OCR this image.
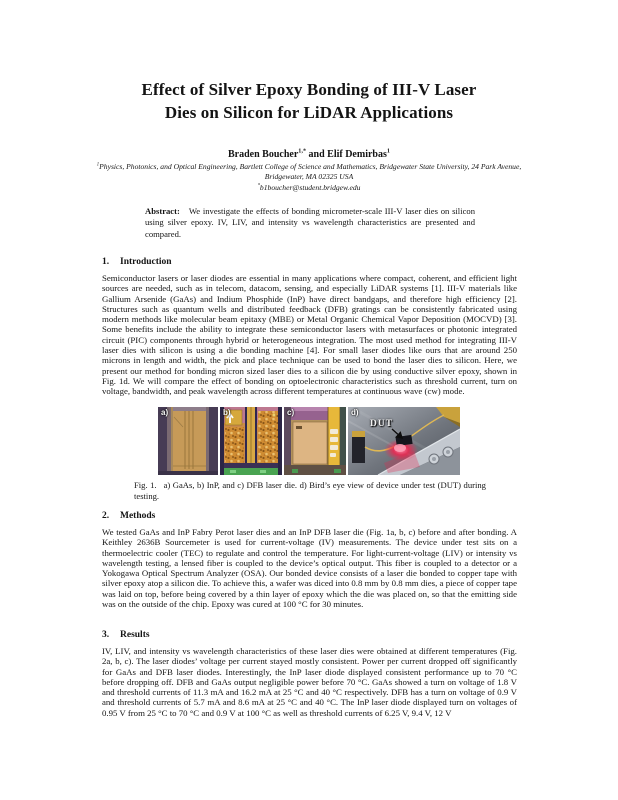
Effect of Silver Epoxy Bonding of III-V Laser
Dies on Silicon for LiDAR Applications
Braden Boucher$^{1,*}$ and Elif Demirbas$^1$
$^1$Physics, Photonics, and Optical Engineering, Bartlett College of Science and Mathematics, Bridgewater State University, 24 Park Avenue, Bridgewater, MA 02325 USA
*b1boucher@student.bridgew.edu
Abstract: We investigate the effects of bonding micrometer-scale III-V laser dies on silicon using silver epoxy. IV, LIV, and intensity vs wavelength characteristics are presented and compared.
1. Introduction
Semiconductor lasers or laser diodes are essential in many applications where compact, coherent, and efficient light sources are needed, such as in telecom, datacom, sensing, and especially LiDAR systems [1]. III-V materials like Gallium Arsenide (GaAs) and Indium Phosphide (InP) have direct bandgaps, and therefore high efficiency [2]. Structures such as quantum wells and distributed feedback (DFB) gratings can be consistently fabricated using modern methods like molecular beam epitaxy (MBE) or Metal Organic Chemical Vapor Deposition (MOCVD) [3]. Some benefits include the ability to integrate these semiconductor lasers with metasurfaces or photonic integrated circuit (PIC) components through hybrid or heterogeneous integration. The most used method for integrating III-V laser dies with silicon is using a die bonding machine [4]. For small laser diodes like ours that are around 250 microns in length and width, the pick and place technique can be used to bond the laser dies to silicon. Here, we present our method for bonding micron sized laser dies to a silicon die by using conductive silver epoxy, shown in Fig. 1d. We will compare the effect of bonding on optoelectronic characteristics such as threshold current, turn on voltage, bandwidth, and peak wavelength across different temperatures at continuous wave (cw) mode.
a)	b)	c)	d)
DUT
Fig. 1. a) GaAs, b) InP, and c) DFB laser die. d) Bird’s eye view of device under test (DUT) during testing.
2. Methods
We tested GaAs and InP Fabry Perot laser dies and an InP DFB laser die (Fig. 1a, b, c) before and after bonding. A Keithley 2636B Sourcemeter is used for current-voltage (IV) measurements. The device under test sits on a thermoelectric cooler (TEC) to regulate and control the temperature. For light-current-voltage (LIV) or intensity vs wavelength testing, a lensed fiber is coupled to the device’s optical output. This fiber is coupled to a detector or a Yokogawa Optical Spectrum Analyzer (OSA). Our bonded device consists of a laser die bonded to copper tape with silver epoxy atop a silicon die. To achieve this, a wafer was diced into 0.8 mm by 0.8 mm dies, a piece of copper tape was laid on top, before being covered by a thin layer of epoxy which the die was placed on, so that the emitting side was on the outside of the chip. Epoxy was cured at 100 °C for 30 minutes.
3. Results
IV, LIV, and intensity vs wavelength characteristics of these laser dies were obtained at different temperatures (Fig. 2a, b, c). The laser diodes’ voltage per current stayed mostly consistent. Power per current dropped off significantly for GaAs and DFB laser diodes. Interestingly, the InP laser diode displayed consistent performance up to 70 °C before dropping off. DFB and GaAs output negligible power before 70 °C. GaAs showed a turn on voltage of 1.8 V and threshold currents of 11.3 mA and 16.2 mA at 25 °C and 40 °C respectively. DFB has a turn on voltage of 0.9 V and threshold currents of 5.7 mA and 8.6 mA at 25 °C and 40 °C. The InP laser diode displayed turn on voltages of 0.95 V from 25 °C to 70 °C and 0.9 V at 100 °C as well as threshold currents of 6.25 V, 9.4 V, 12 V
